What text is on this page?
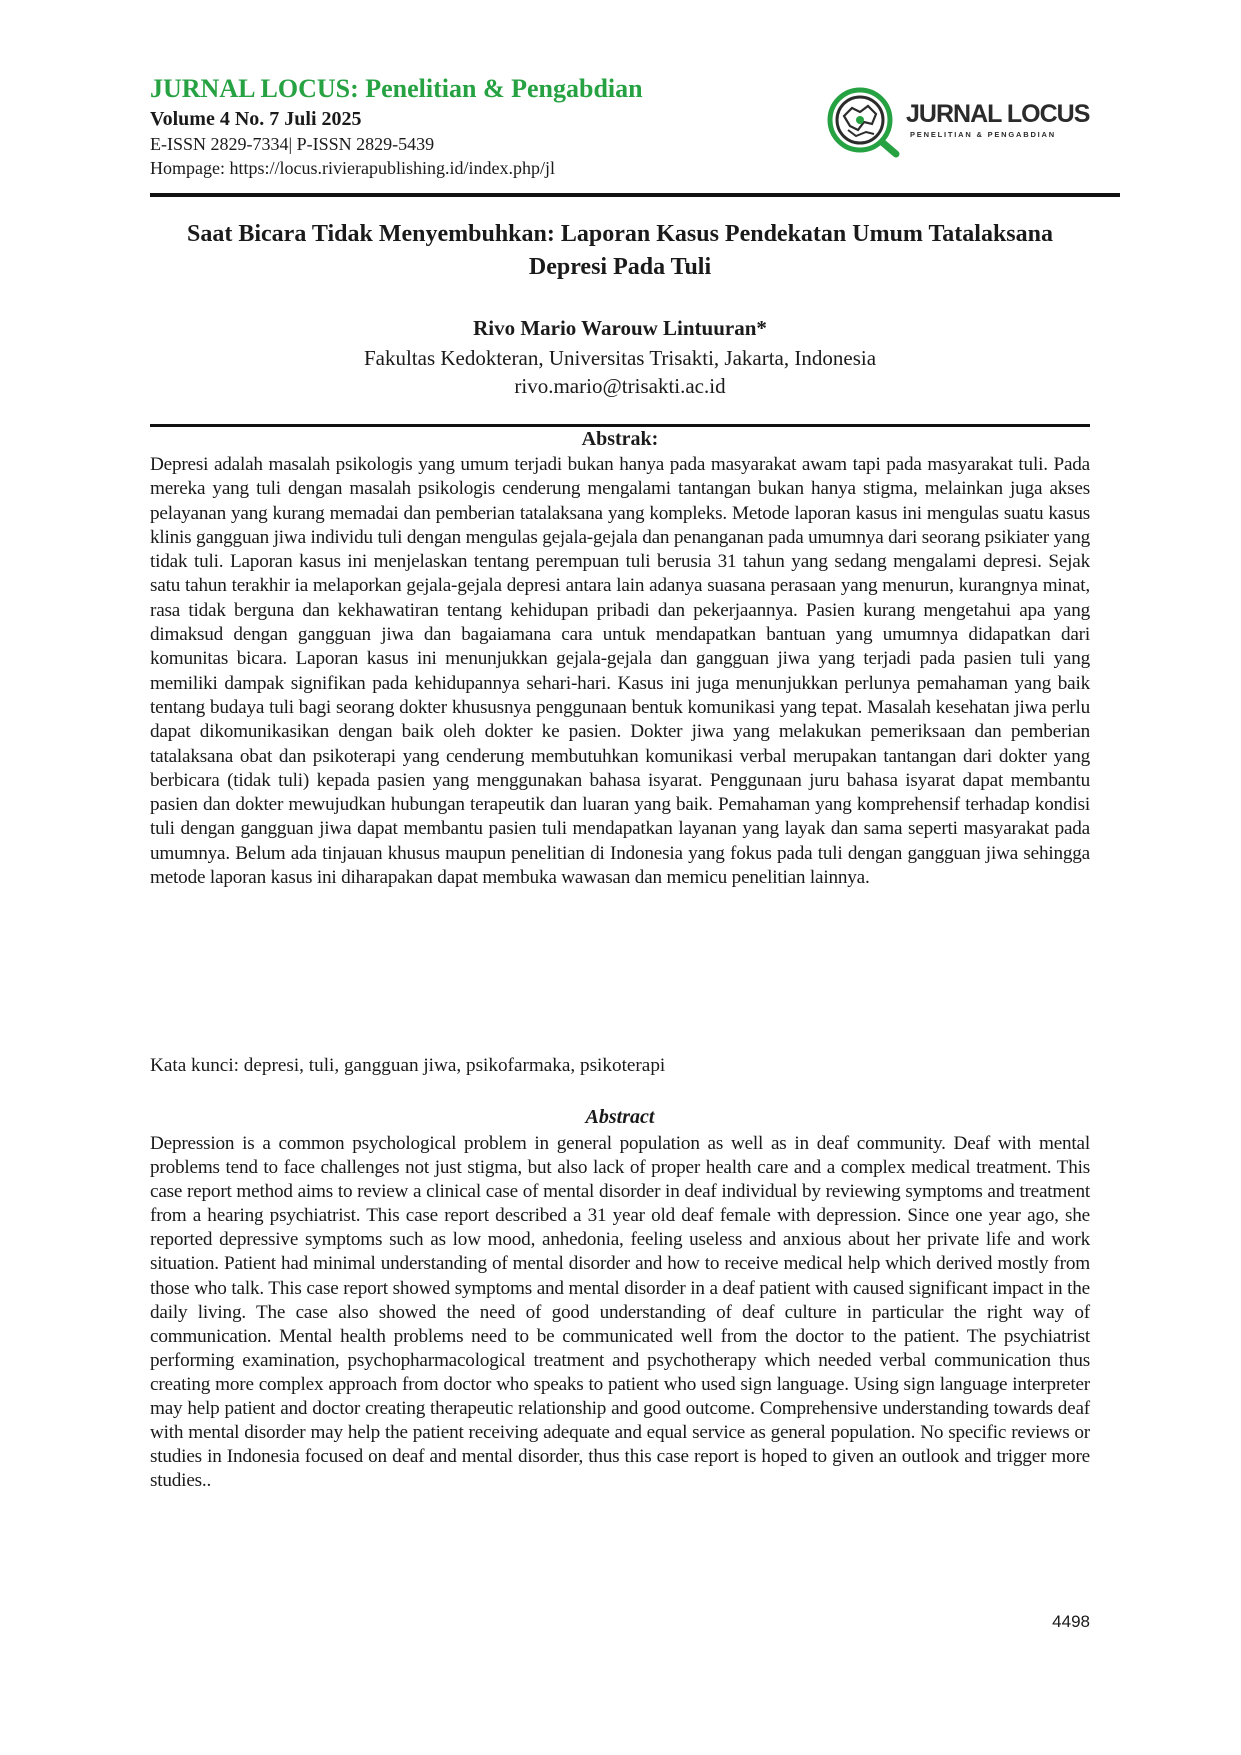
JURNAL LOCUS: Penelitian & Pengabdian
Volume 4 No. 7 Juli 2025
E-ISSN 2829-7334| P-ISSN 2829-5439
Hompage: https://locus.rivierapublishing.id/index.php/jl
JURNAL LOCUS
PENELITIAN & PENGABDIAN
Saat Bicara Tidak Menyembuhkan: Laporan Kasus Pendekatan Umum Tatalaksana Depresi Pada Tuli
Rivo Mario Warouw Lintuuran*
Fakultas Kedokteran, Universitas Trisakti, Jakarta, Indonesia
rivo.mario@trisakti.ac.id
Abstrak:

Depresi adalah masalah psikologis yang umum terjadi bukan hanya pada masyarakat awam tapi pada masyarakat tuli. Pada mereka yang tuli dengan masalah psikologis cenderung mengalami tantangan bukan hanya stigma, melainkan juga akses pelayanan yang kurang memadai dan pemberian tatalaksana yang kompleks. Metode laporan kasus ini mengulas suatu kasus klinis gangguan jiwa individu tuli dengan mengulas gejala-gejala dan penanganan pada umumnya dari seorang psikiater yang tidak tuli. Laporan kasus ini menjelaskan tentang perempuan tuli berusia 31 tahun yang sedang mengalami depresi. Sejak satu tahun terakhir ia melaporkan gejala-gejala depresi antara lain adanya suasana perasaan yang menurun, kurangnya minat, rasa tidak berguna dan kekhawatiran tentang kehidupan pribadi dan pekerjaannya. Pasien kurang mengetahui apa yang dimaksud dengan gangguan jiwa dan bagaiamana cara untuk mendapatkan bantuan yang umumnya didapatkan dari komunitas bicara. Laporan kasus ini menunjukkan gejala-gejala dan gangguan jiwa yang terjadi pada pasien tuli yang memiliki dampak signifikan pada kehidupannya sehari-hari. Kasus ini juga menunjukkan perlunya pemahaman yang baik tentang budaya tuli bagi seorang dokter khususnya penggunaan bentuk komunikasi yang tepat. Masalah kesehatan jiwa perlu dapat dikomunikasikan dengan baik oleh dokter ke pasien. Dokter jiwa yang melakukan pemeriksaan dan pemberian tatalaksana obat dan psikoterapi yang cenderung membutuhkan komunikasi verbal merupakan tantangan dari dokter yang berbicara (tidak tuli) kepada pasien yang menggunakan bahasa isyarat. Penggunaan juru bahasa isyarat dapat membantu pasien dan dokter mewujudkan hubungan terapeutik dan luaran yang baik. Pemahaman yang komprehensif terhadap kondisi tuli dengan gangguan jiwa dapat membantu pasien tuli mendapatkan layanan yang layak dan sama seperti masyarakat pada umumnya. Belum ada tinjauan khusus maupun penelitian di Indonesia yang fokus pada tuli dengan gangguan jiwa sehingga metode laporan kasus ini diharapakan dapat membuka wawasan dan memicu penelitian lainnya.

Kata kunci: depresi, tuli, gangguan jiwa, psikofarmaka, psikoterapi
Abstract

Depression is a common psychological problem in general population as well as in deaf community. Deaf with mental problems tend to face challenges not just stigma, but also lack of proper health care and a complex medical treatment. This case report method aims to review a clinical case of mental disorder in deaf individual by reviewing symptoms and treatment from a hearing psychiatrist. This case report described a 31 year old deaf female with depression. Since one year ago, she reported depressive symptoms such as low mood, anhedonia, feeling useless and anxious about her private life and work situation. Patient had minimal understanding of mental disorder and how to receive medical help which derived mostly from those who talk. This case report showed symptoms and mental disorder in a deaf patient with caused significant impact in the daily living. The case also showed the need of good understanding of deaf culture in particular the right way of communication. Mental health problems need to be communicated well from the doctor to the patient. The psychiatrist performing examination, psychopharmacological treatment and psychotherapy which needed verbal communication thus creating more complex approach from doctor who speaks to patient who used sign language. Using sign language interpreter may help patient and doctor creating therapeutic relationship and good outcome. Comprehensive understanding towards deaf with mental disorder may help the patient receiving adequate and equal service as general population. No specific reviews or studies in Indonesia focused on deaf and mental disorder, thus this case report is hoped to given an outlook and trigger more studies..

4498
